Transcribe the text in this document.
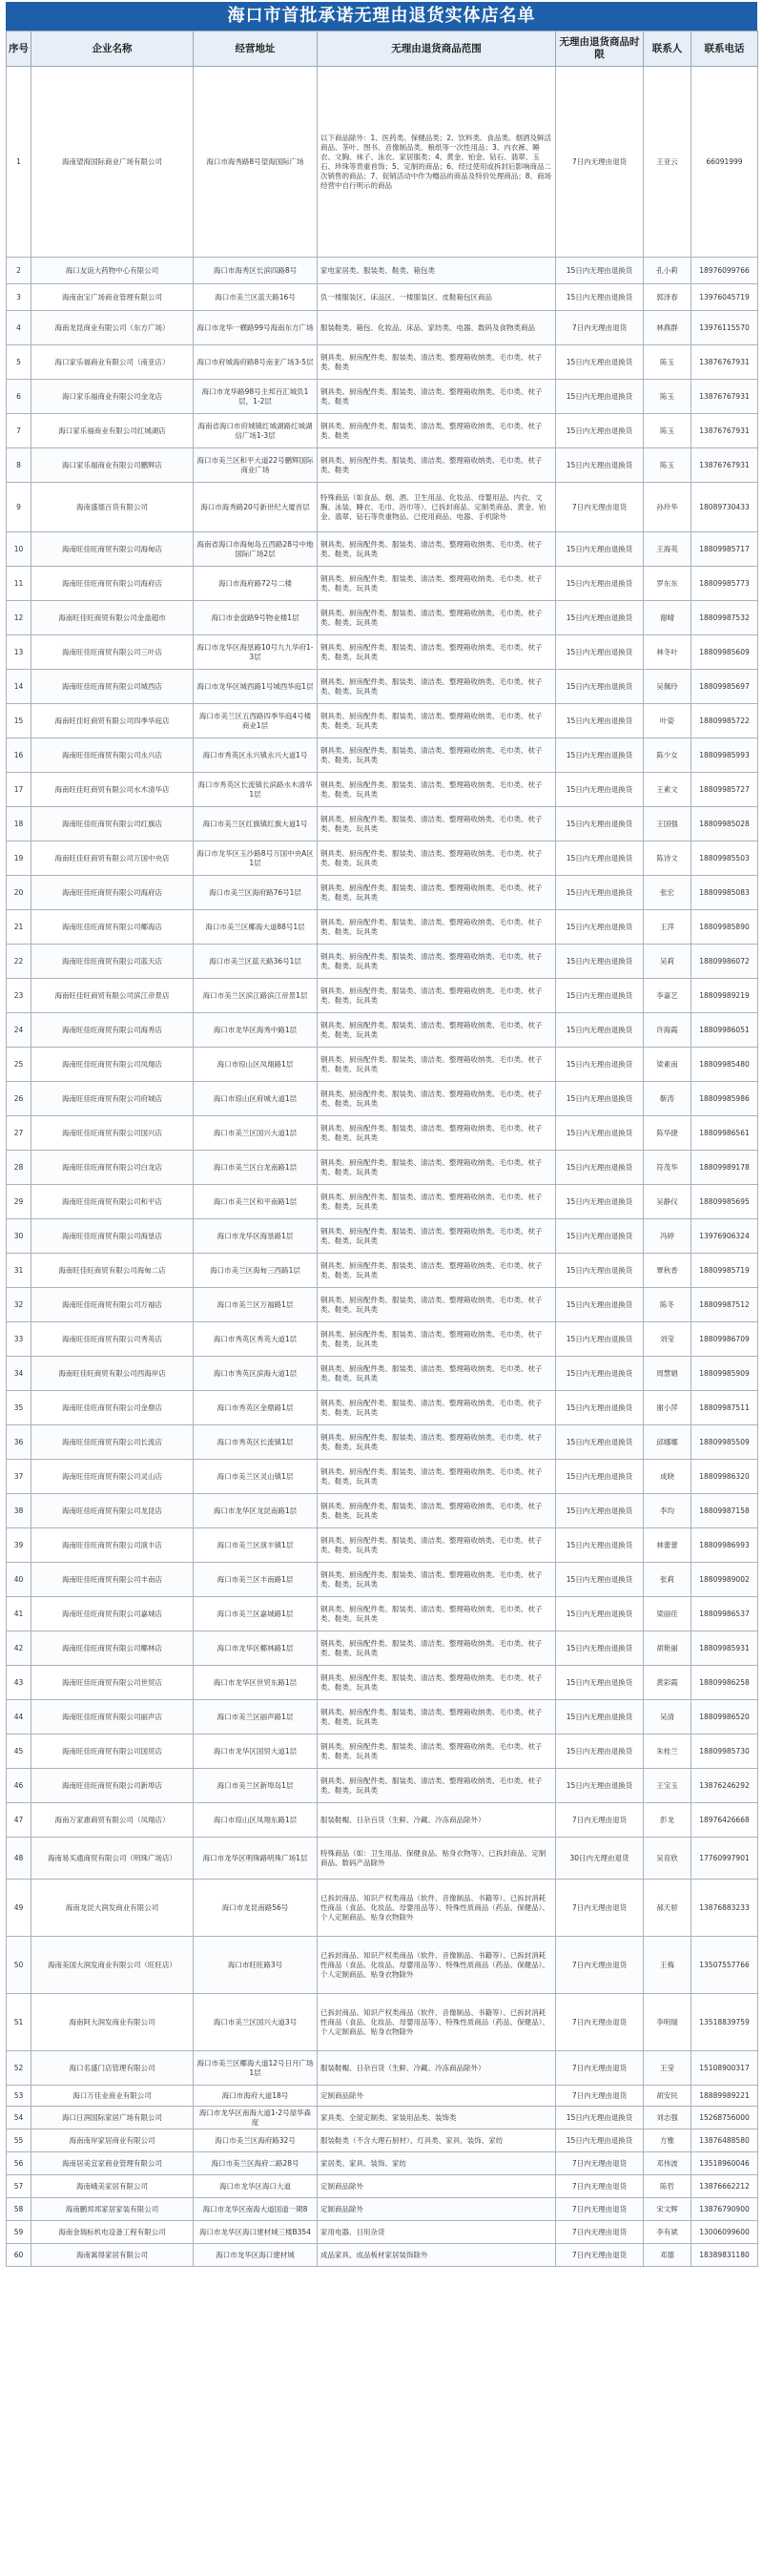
海口市首批承诺无理由退货实体店名单
序号	企业名称	经营地址	无理由退货商品范围	无理由退货商品时限	联系人	联系电话
1	海南望海国际商业广场有限公司	海口市海秀路8号望海国际广场	以下商品除外：1、医药类、保健品类；2、饮料类、食品类、烟酒及鲜活商品、茶叶、图书、音像制品类、粮纸等一次性用品；3、内衣裤、睡衣、文胸、袜子、泳衣、家居服类；4、黄金、铂金、钻石、翡翠、玉石、珍珠等贵重首饰；5、定制的商品；6、经过使用或拆封后影响商品二次销售的商品；7、促销活动中作为赠品的商品及特价处理商品；8、商场经营中自行明示的商品	7日内无理由退货	王亚云	66091999
2	海口友谊大药物中心有限公司	海口市海秀区长滨四路8号	家电家居类、服装类、鞋类、箱包类	15日内无理由退换货	孔小莉	18976099766
3	海南南宝广场商业管理有限公司	海口市美兰区蓝天路16号	负一楼服装区、床品区、一楼服装区、皮鞋箱包区商品	15日内无理由退换货	郭泽春	13976045719
4	海南龙昆商业有限公司（东方广场）	海口市龙华一横路99号海南东方广场	服装鞋类、箱包、化妆品、床品、家纺类、电器、数码及食物类商品	7日内无理由退货	林燕群	13976115570
5	海口家乐福商业有限公司（南亚店）	海口市府城海府路8号南亚广场3-5层	钢具类、厨房配件类、服装类、清洁类、整理箱收纳类、毛巾类、枕子类、鞋类	15日内无理由退换货	陈玉	13876767931
6	海口家乐福商业有限公司金龙店	海口市龙华路98号主邦百汇城负1层，1-2层	钢具类、厨房配件类、服装类、清洁类、整理箱收纳类、毛巾类、枕子类、鞋类	15日内无理由退换货	陈玉	13876767931
7	海口家乐福商业有限公司红城湖店	海南省海口市府城镇红城湖路红城湖信广场1-3层	钢具类、厨房配件类、服装类、清洁类、整理箱收纳类、毛巾类、枕子类、鞋类	15日内无理由退换货	陈玉	13876767931
8	海口家乐福商业有限公司鹏辉店	海口市美兰区和平大道22号鹏辉国际商业广场	钢具类、厨房配件类、服装类、清洁类、整理箱收纳类、毛巾类、枕子类、鞋类	15日内无理由退换货	陈玉	13876767931
9	海南盛德百货有限公司	海口市海秀路20号新世纪大厦首层	特殊商品（如食品、烟、酒、卫生用品、化妆品、母婴用品、内衣、文胸、泳装、睡衣、毛巾、浴巾等）、已拆封商品、定制类商品、黄金、铂金、翡翠、钻石等贵重物品、已使用商品、电器、手机除外	7日内无理由退货	孙玲华	18089730433
10	海南旺佳旺商贸有限公司海甸店	海南省海口市海甸岛五西路28号中地国际广场2层	钢具类、厨房配件类、服装类、清洁类、整理箱收纳类、毛巾类、枕子类、鞋类、玩具类	15日内无理由退换货	王海英	18809985717
11	海南旺佳旺商贸有限公司海府店	海口市海府路72号二楼	钢具类、厨房配件类、服装类、清洁类、整理箱收纳类、毛巾类、枕子类、鞋类、玩具类	15日内无理由退换货	罗东东	18809985773
12	海南旺佳旺商贸有限公司金盘超市	海口市金盘路9号物业楼1层	钢具类、厨房配件类、服装类、清洁类、整理箱收纳类、毛巾类、枕子类、鞋类、玩具类	15日内无理由退换货	谢晴	18809987532
13	海南旺佳旺商贸有限公司三叶店	海口市龙华区海垦路10号九九华府1-3层	钢具类、厨房配件类、服装类、清洁类、整理箱收纳类、毛巾类、枕子类、鞋类、玩具类	15日内无理由退换货	林冬叶	18809985609
14	海南旺佳旺商贸有限公司城西店	海口市龙华区城西路1号城西华庭1层	钢具类、厨房配件类、服装类、清洁类、整理箱收纳类、毛巾类、枕子类、鞋类、玩具类	15日内无理由退换货	吴佩玲	18809985697
15	海南旺佳旺商贸有限公司四季华庭店	海口市美兰区五西路四季华庭4号楼商业1层	钢具类、厨房配件类、服装类、清洁类、整理箱收纳类、毛巾类、枕子类、鞋类、玩具类	15日内无理由退换货	叶姿	18809985722
16	海南旺佳旺商贸有限公司永兴店	海口市秀英区永兴镇永兴大道1号	钢具类、厨房配件类、服装类、清洁类、整理箱收纳类、毛巾类、枕子类、鞋类、玩具类	15日内无理由退换货	陈少女	18809985993
17	海南旺佳旺商贸有限公司水木清华店	海口市秀英区长流镇长滨路水木清华1层	钢具类、厨房配件类、服装类、清洁类、整理箱收纳类、毛巾类、枕子类、鞋类、玩具类	15日内无理由退换货	王素文	18809985727
18	海南旺佳旺商贸有限公司红旗店	海口市美兰区红旗镇红旗大道1号	钢具类、厨房配件类、服装类、清洁类、整理箱收纳类、毛巾类、枕子类、鞋类、玩具类	15日内无理由退换货	王国强	18809985028
19	海南旺佳旺商贸有限公司万国中央店	海口市龙华区玉沙路8号万国中央A区1层	钢具类、厨房配件类、服装类、清洁类、整理箱收纳类、毛巾类、枕子类、鞋类、玩具类	15日内无理由退换货	陈诗文	18809985503
20	海南旺佳旺商贸有限公司海府店	海口市美兰区海府路76号1层	钢具类、厨房配件类、服装类、清洁类、整理箱收纳类、毛巾类、枕子类、鞋类、玩具类	15日内无理由退换货	张宏	18809985083
21	海南旺佳旺商贸有限公司椰海店	海口市美兰区椰海大道88号1层	钢具类、厨房配件类、服装类、清洁类、整理箱收纳类、毛巾类、枕子类、鞋类、玩具类	15日内无理由退换货	王萍	18809985890
22	海南旺佳旺商贸有限公司蓝天店	海口市美兰区蓝天路36号1层	钢具类、厨房配件类、服装类、清洁类、整理箱收纳类、毛巾类、枕子类、鞋类、玩具类	15日内无理由退换货	吴莉	18809986072
23	海南旺佳旺商贸有限公司滨江帝景店	海口市美兰区滨江路滨江帝景1层	钢具类、厨房配件类、服装类、清洁类、整理箱收纳类、毛巾类、枕子类、鞋类、玩具类	15日内无理由退换货	李嘉艺	18809989219
24	海南旺佳旺商贸有限公司海秀店	海口市龙华区海秀中路1层	钢具类、厨房配件类、服装类、清洁类、整理箱收纳类、毛巾类、枕子类、鞋类、玩具类	15日内无理由退换货	许海霞	18809986051
25	海南旺佳旺商贸有限公司凤翔店	海口市琼山区凤翔路1层	钢具类、厨房配件类、服装类、清洁类、整理箱收纳类、毛巾类、枕子类、鞋类、玩具类	15日内无理由退换货	梁素南	18809985480
26	海南旺佳旺商贸有限公司府城店	海口市琼山区府城大道1层	钢具类、厨房配件类、服装类、清洁类、整理箱收纳类、毛巾类、枕子类、鞋类、玩具类	15日内无理由退换货	靳涛	18809985986
27	海南旺佳旺商贸有限公司国兴店	海口市美兰区国兴大道1层	钢具类、厨房配件类、服装类、清洁类、整理箱收纳类、毛巾类、枕子类、鞋类、玩具类	15日内无理由退换货	陈华捷	18809986561
28	海南旺佳旺商贸有限公司白龙店	海口市美兰区白龙南路1层	钢具类、厨房配件类、服装类、清洁类、整理箱收纳类、毛巾类、枕子类、鞋类、玩具类	15日内无理由退换货	符茂华	18809989178
29	海南旺佳旺商贸有限公司和平店	海口市美兰区和平南路1层	钢具类、厨房配件类、服装类、清洁类、整理箱收纳类、毛巾类、枕子类、鞋类、玩具类	15日内无理由退换货	吴静仪	18809985695
30	海南旺佳旺商贸有限公司海垦店	海口市龙华区海垦路1层	钢具类、厨房配件类、服装类、清洁类、整理箱收纳类、毛巾类、枕子类、鞋类、玩具类	15日内无理由退换货	冯婷	13976906324
31	海南旺佳旺商贸有限公司海甸二店	海口市美兰区海甸三西路1层	钢具类、厨房配件类、服装类、清洁类、整理箱收纳类、毛巾类、枕子类、鞋类、玩具类	15日内无理由退换货	覃秋香	18809985719
32	海南旺佳旺商贸有限公司万福店	海口市美兰区万福路1层	钢具类、厨房配件类、服装类、清洁类、整理箱收纳类、毛巾类、枕子类、鞋类、玩具类	15日内无理由退换货	陈冬	18809987512
33	海南旺佳旺商贸有限公司秀英店	海口市秀英区秀英大道1层	钢具类、厨房配件类、服装类、清洁类、整理箱收纳类、毛巾类、枕子类、鞋类、玩具类	15日内无理由退换货	刘莹	18809986709
34	海南旺佳旺商贸有限公司西海岸店	海口市秀英区滨海大道1层	钢具类、厨房配件类、服装类、清洁类、整理箱收纳类、毛巾类、枕子类、鞋类、玩具类	15日内无理由退换货	周慧娟	18809985909
35	海南旺佳旺商贸有限公司金鼎店	海口市秀英区金鼎路1层	钢具类、厨房配件类、服装类、清洁类、整理箱收纳类、毛巾类、枕子类、鞋类、玩具类	15日内无理由退换货	谢小萍	18809987511
36	海南旺佳旺商贸有限公司长流店	海口市秀英区长流镇1层	钢具类、厨房配件类、服装类、清洁类、整理箱收纳类、毛巾类、枕子类、鞋类、玩具类	15日内无理由退换货	邱娜娜	18809985509
37	海南旺佳旺商贸有限公司灵山店	海口市美兰区灵山镇1层	钢具类、厨房配件类、服装类、清洁类、整理箱收纳类、毛巾类、枕子类、鞋类、玩具类	15日内无理由退换货	成晓	18809986320
38	海南旺佳旺商贸有限公司龙昆店	海口市龙华区龙昆南路1层	钢具类、厨房配件类、服装类、清洁类、整理箱收纳类、毛巾类、枕子类、鞋类、玩具类	15日内无理由退换货	李均	18809987158
39	海南旺佳旺商贸有限公司演丰店	海口市美兰区演丰镇1层	钢具类、厨房配件类、服装类、清洁类、整理箱收纳类、毛巾类、枕子类、鞋类、玩具类	15日内无理由退换货	林蕾蕾	18809986993
40	海南旺佳旺商贸有限公司丰南店	海口市美兰区丰南路1层	钢具类、厨房配件类、服装类、清洁类、整理箱收纳类、毛巾类、枕子类、鞋类、玩具类	15日内无理由退换货	张莉	18809989002
41	海南旺佳旺商贸有限公司嘉城店	海口市美兰区嘉城路1层	钢具类、厨房配件类、服装类、清洁类、整理箱收纳类、毛巾类、枕子类、鞋类、玩具类	15日内无理由退换货	梁丽佳	18809986537
42	海南旺佳旺商贸有限公司椰林店	海口市龙华区椰林路1层	钢具类、厨房配件类、服装类、清洁类、整理箱收纳类、毛巾类、枕子类、鞋类、玩具类	15日内无理由退换货	胡艳丽	18809985931
43	海南旺佳旺商贸有限公司世贸店	海口市龙华区世贸东路1层	钢具类、厨房配件类、服装类、清洁类、整理箱收纳类、毛巾类、枕子类、鞋类、玩具类	15日内无理由退换货	黄彩霞	18809986258
44	海南旺佳旺商贸有限公司丽声店	海口市美兰区丽声路1层	钢具类、厨房配件类、服装类、清洁类、整理箱收纳类、毛巾类、枕子类、鞋类、玩具类	15日内无理由退换货	吴清	18809986520
45	海南旺佳旺商贸有限公司国贸店	海口市龙华区国贸大道1层	钢具类、厨房配件类、服装类、清洁类、整理箱收纳类、毛巾类、枕子类、鞋类、玩具类	15日内无理由退换货	朱桂兰	18809985730
46	海南旺佳旺商贸有限公司新埠店	海口市美兰区新埠岛1层	钢具类、厨房配件类、服装类、清洁类、整理箱收纳类、毛巾类、枕子类、鞋类、玩具类	15日内无理由退换货	王宝玉	13876246292
47	海南万家惠商贸有限公司（凤翔店）	海口市琼山区凤翔东路1层	服装鞋帽、日杂百货（生鲜、冷藏、冷冻商品除外）	7日内无理由退货	彭龙	18976426668
48	海南易买通商贸有限公司（明珠广场店）	海口市龙华区明珠路明珠广场1层	特殊商品（如：卫生用品、保健食品、贴身衣物等）、已拆封商品、定制商品、数码产品除外	30日内无理由退货	吴育欣	17760997901
49	海南龙昆大润发商业有限公司	海口市龙昆南路56号	已拆封商品、知识产权类商品（软件、音像制品、书籍等）、已拆封消耗性商品（食品、化妆品、母婴用品等）、特殊性质商品（药品、保健品）、个人定制商品、贴身衣物除外	7日内无理由退货	郝天骄	13876883233
50	海南美国大润发商业有限公司（旺旺店）	海口市旺旺路3号	已拆封商品、知识产权类商品（软件、音像制品、书籍等）、已拆封消耗性商品（食品、化妆品、母婴用品等）、特殊性质商品（药品、保健品）、个人定制商品、贴身衣物除外	7日内无理由退货	王梅	13507557766
51	海南阿大润发商业有限公司	海口市美兰区国兴大道3号	已拆封商品、知识产权类商品（软件、音像制品、书籍等）、已拆封消耗性商品（食品、化妆品、母婴用品等）、特殊性质商品（药品、保健品）、个人定制商品、贴身衣物除外	7日内无理由退货	李明瑞	13518839759
52	海口名盛门店管理有限公司	海口市美兰区椰海大道12号日月广场1层	服装鞋帽、日杂百货（生鲜、冷藏、冷冻商品除外）	7日内无理由退货	王莹	15108900317
53	海口万佳业商业有限公司	海口市海府大道18号	定制商品除外	7日内无理由退货	胡安民	18889989221
54	海口日润国际家居广场有限公司	海口市龙华区南海大道1-2号屋华森度	家具类、全屋定制类、家装用品类、装饰类	15日内无理由退换货	刘志强	15268756000
55	海南南岸家居商业有限公司	海口市美兰区海府路32号	服装鞋类（不含大理石厨材）、灯具类、家具、装饰、家纺	15日内无理由退换货	方雅	13876488580
56	海南居美宜家商业管理有限公司	海口市美兰区海府二路28号	家居类、家具、装饰、家纺	7日内无理由退货	邓伟波	13518960046
57	海南峨美家居有限公司	海口市龙华区海口大道	定制商品除外	7日内无理由退货	陈哲	13876662212
58	海南鹏邦邦家居家装有限公司	海口市龙华区南海大道国道一期8	定制商品除外	7日内无理由退货	宋文辉	13876790900
59	海南金瑞标机电设备工程有限公司	海口市龙华区海口建材城三楼B354	家用电器、日用杂货	7日内无理由退货	李有斌	13006099600
60	海南寓得家居有限公司	海口市龙华区海口建材城	成品家具、成品板材家居装饰除外	7日内无理由退货	邓德	18389831180
